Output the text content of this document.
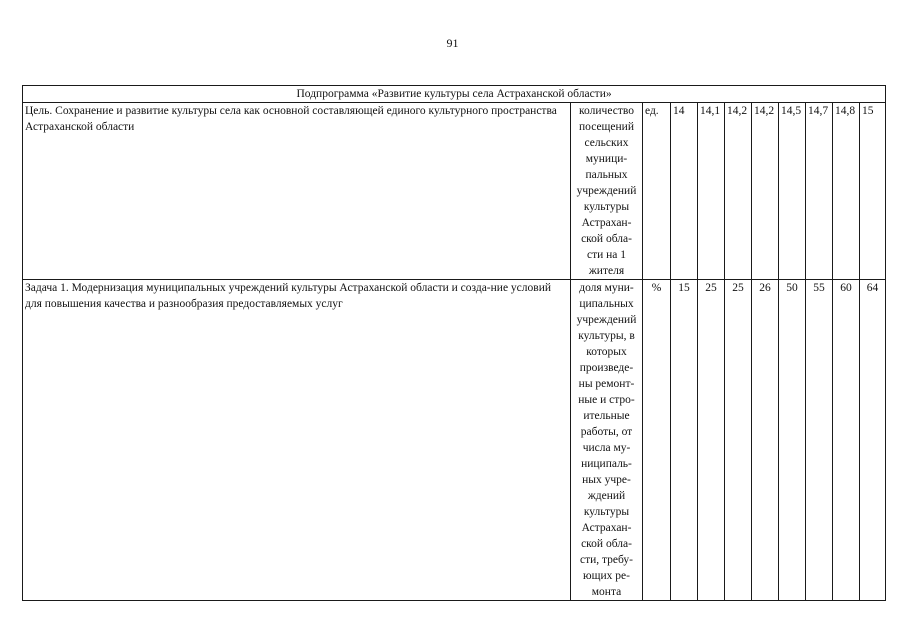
91
Подпрограмма «Развитие культуры села Астраханской области»										
Цель. Сохранение и развитие культуры села как основной составляющей единого культурного пространства Астраханской области	количество посещений сельских муници-пальных учреждений культуры Астрахан-ской обла-сти на 1 жителя	ед.	14	14,1	14,2	14,2	14,5	14,7	14,8	15
Задача 1. Модернизация муниципальных учреждений культуры Астраханской области и созда-ние условий для повышения качества и разнообразия предоставляемых услуг	доля муни-ципальных учреждений культуры, в которых произведе-ны ремонт-ные и стро-ительные работы, от числа му-ниципаль-ных учре-ждений культуры Астрахан-ской обла-сти, требу-ющих ре-монта	%	15	25	25	26	50	55	60	64
